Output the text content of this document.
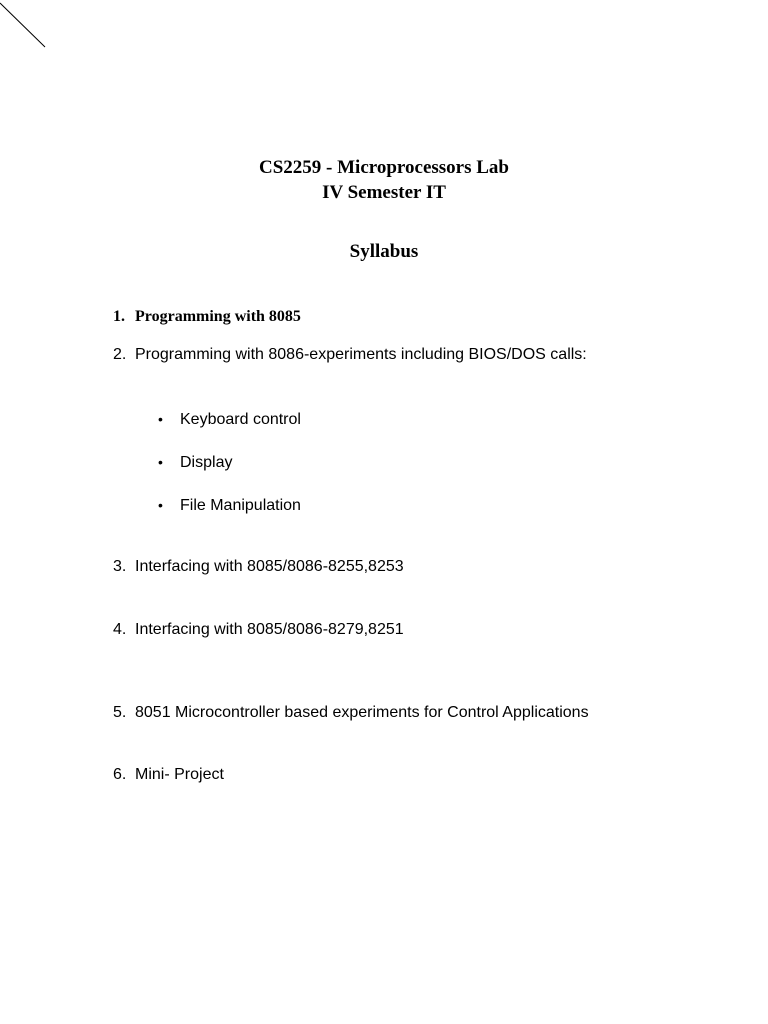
CS2259 - Microprocessors Lab
IV Semester IT
Syllabus
1. Programming with 8085
2. Programming with 8086-experiments including BIOS/DOS calls:
• Keyboard control
• Display
• File Manipulation
3. Interfacing with 8085/8086-8255,8253
4. Interfacing with 8085/8086-8279,8251
5. 8051 Microcontroller based experiments for Control Applications
6. Mini- Project
